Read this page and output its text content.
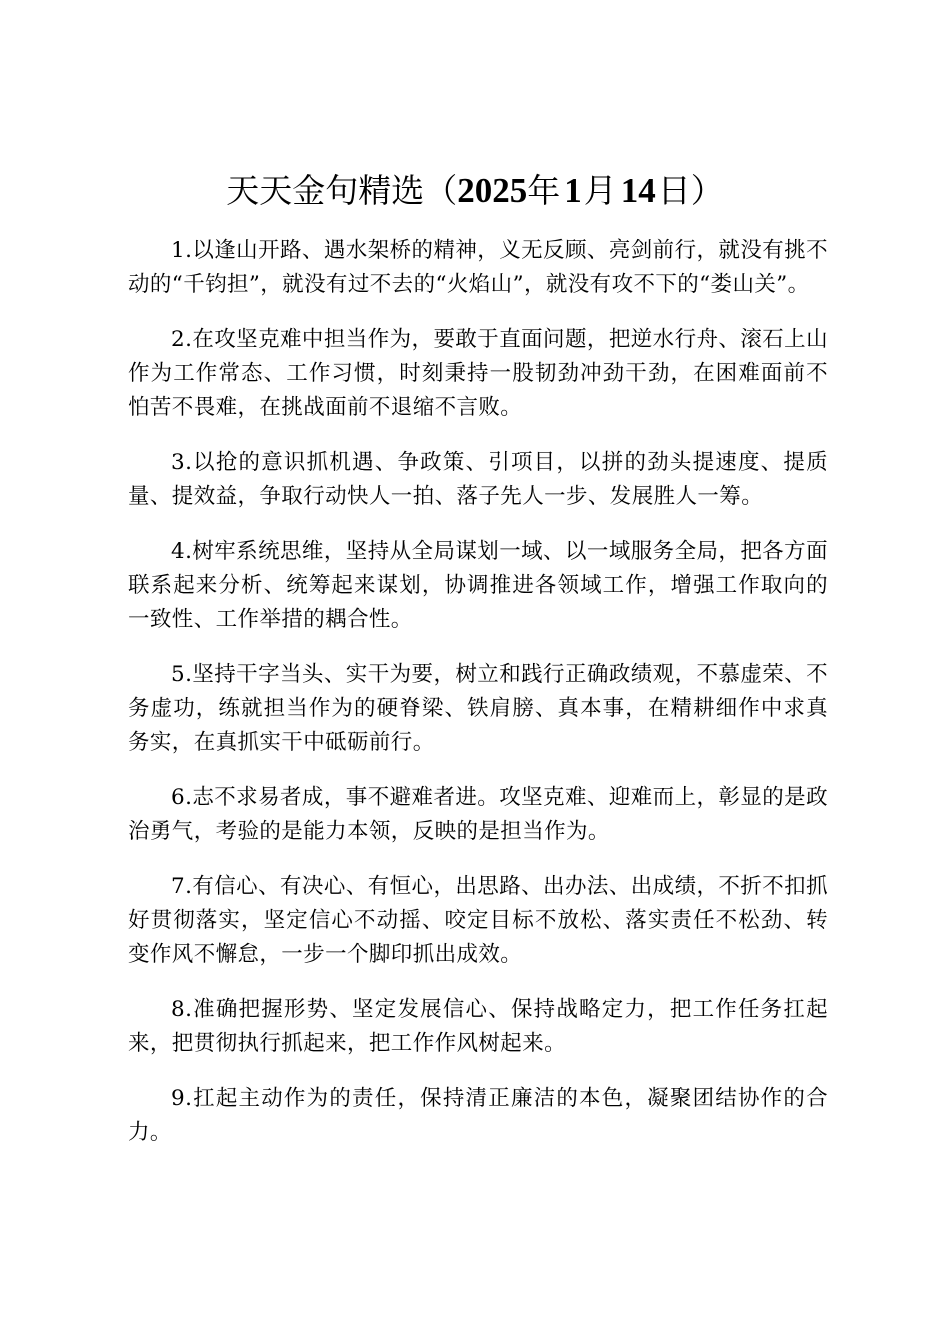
天天金句精选（2025年 1月 14日）

1.以逢山开路、遇水架桥的精神，义无反顾、亮剑前行，就没有挑不动的“千钧担”，就没有过不去的“火焰山”，就没有攻不下的“娄山关”。

2.在攻坚克难中担当作为，要敢于直面问题，把逆水行舟、滚石上山作为工作常态、工作习惯，时刻秉持一股韧劲冲劲干劲，在困难面前不怕苦不畏难，在挑战面前不退缩不言败。

3.以抢的意识抓机遇、争政策、引项目，以拼的劲头提速度、提质量、提效益，争取行动快人一拍、落子先人一步、发展胜人一筹。

4.树牢系统思维，坚持从全局谋划一域、以一域服务全局，把各方面联系起来分析、统筹起来谋划，协调推进各领域工作，增强工作取向的一致性、工作举措的耦合性。

5.坚持干字当头、实干为要，树立和践行正确政绩观，不慕虚荣、不务虚功，练就担当作为的硬脊梁、铁肩膀、真本事，在精耕细作中求真务实，在真抓实干中砥砺前行。

6.志不求易者成，事不避难者进。攻坚克难、迎难而上，彰显的是政治勇气，考验的是能力本领，反映的是担当作为。

7.有信心、有决心、有恒心，出思路、出办法、出成绩，不折不扣抓好贯彻落实，坚定信心不动摇、咬定目标不放松、落实责任不松劲、转变作风不懈怠，一步一个脚印抓出成效。

8.准确把握形势、坚定发展信心、保持战略定力，把工作任务扛起来，把贯彻执行抓起来，把工作作风树起来。

9.扛起主动作为的责任，保持清正廉洁的本色，凝聚团结协作的合力。
